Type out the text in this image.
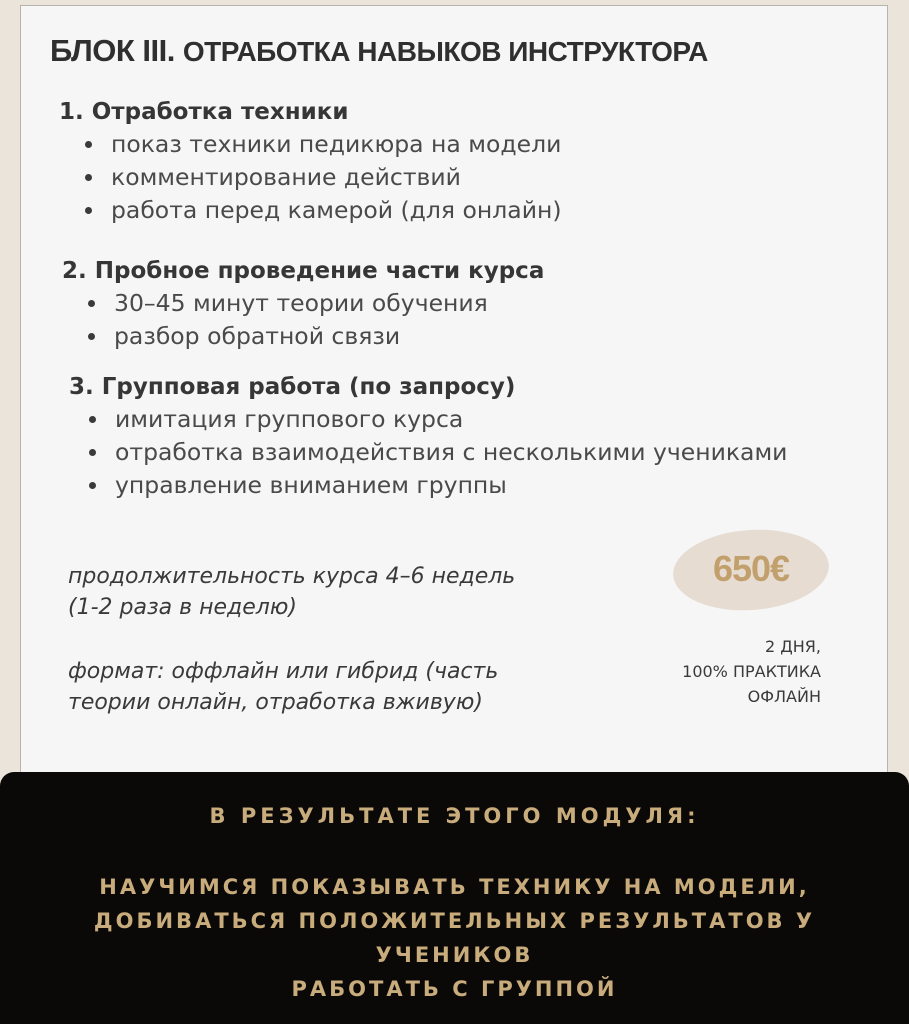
БЛОК III. ОТРАБОТКА НАВЫКОВ ИНСТРУКТОРА
1. Отработка техники
показ техники педикюра на модели
комментирование действий
работа перед камерой (для онлайн)
2. Пробное проведение части курса
30–45 минут теории обучения
разбор обратной связи
3. Групповая работа (по запросу)
имитация группового курса
отработка взаимодействия с несколькими учениками
управление вниманием группы
продолжительность курса 4–6 недель
(1-2 раза в неделю)
формат: оффлайн или гибрид (часть
теории онлайн, отработка вживую)
650€
2 ДНЯ,
100% ПРАКТИКА
ОФЛАЙН
В РЕЗУЛЬТАТЕ ЭТОГО МОДУЛЯ:
НАУЧИМСЯ ПОКАЗЫВАТЬ ТЕХНИКУ НА МОДЕЛИ,
ДОБИВАТЬСЯ ПОЛОЖИТЕЛЬНЫХ РЕЗУЛЬТАТОВ У
УЧЕНИКОВ
РАБОТАТЬ С ГРУППОЙ
